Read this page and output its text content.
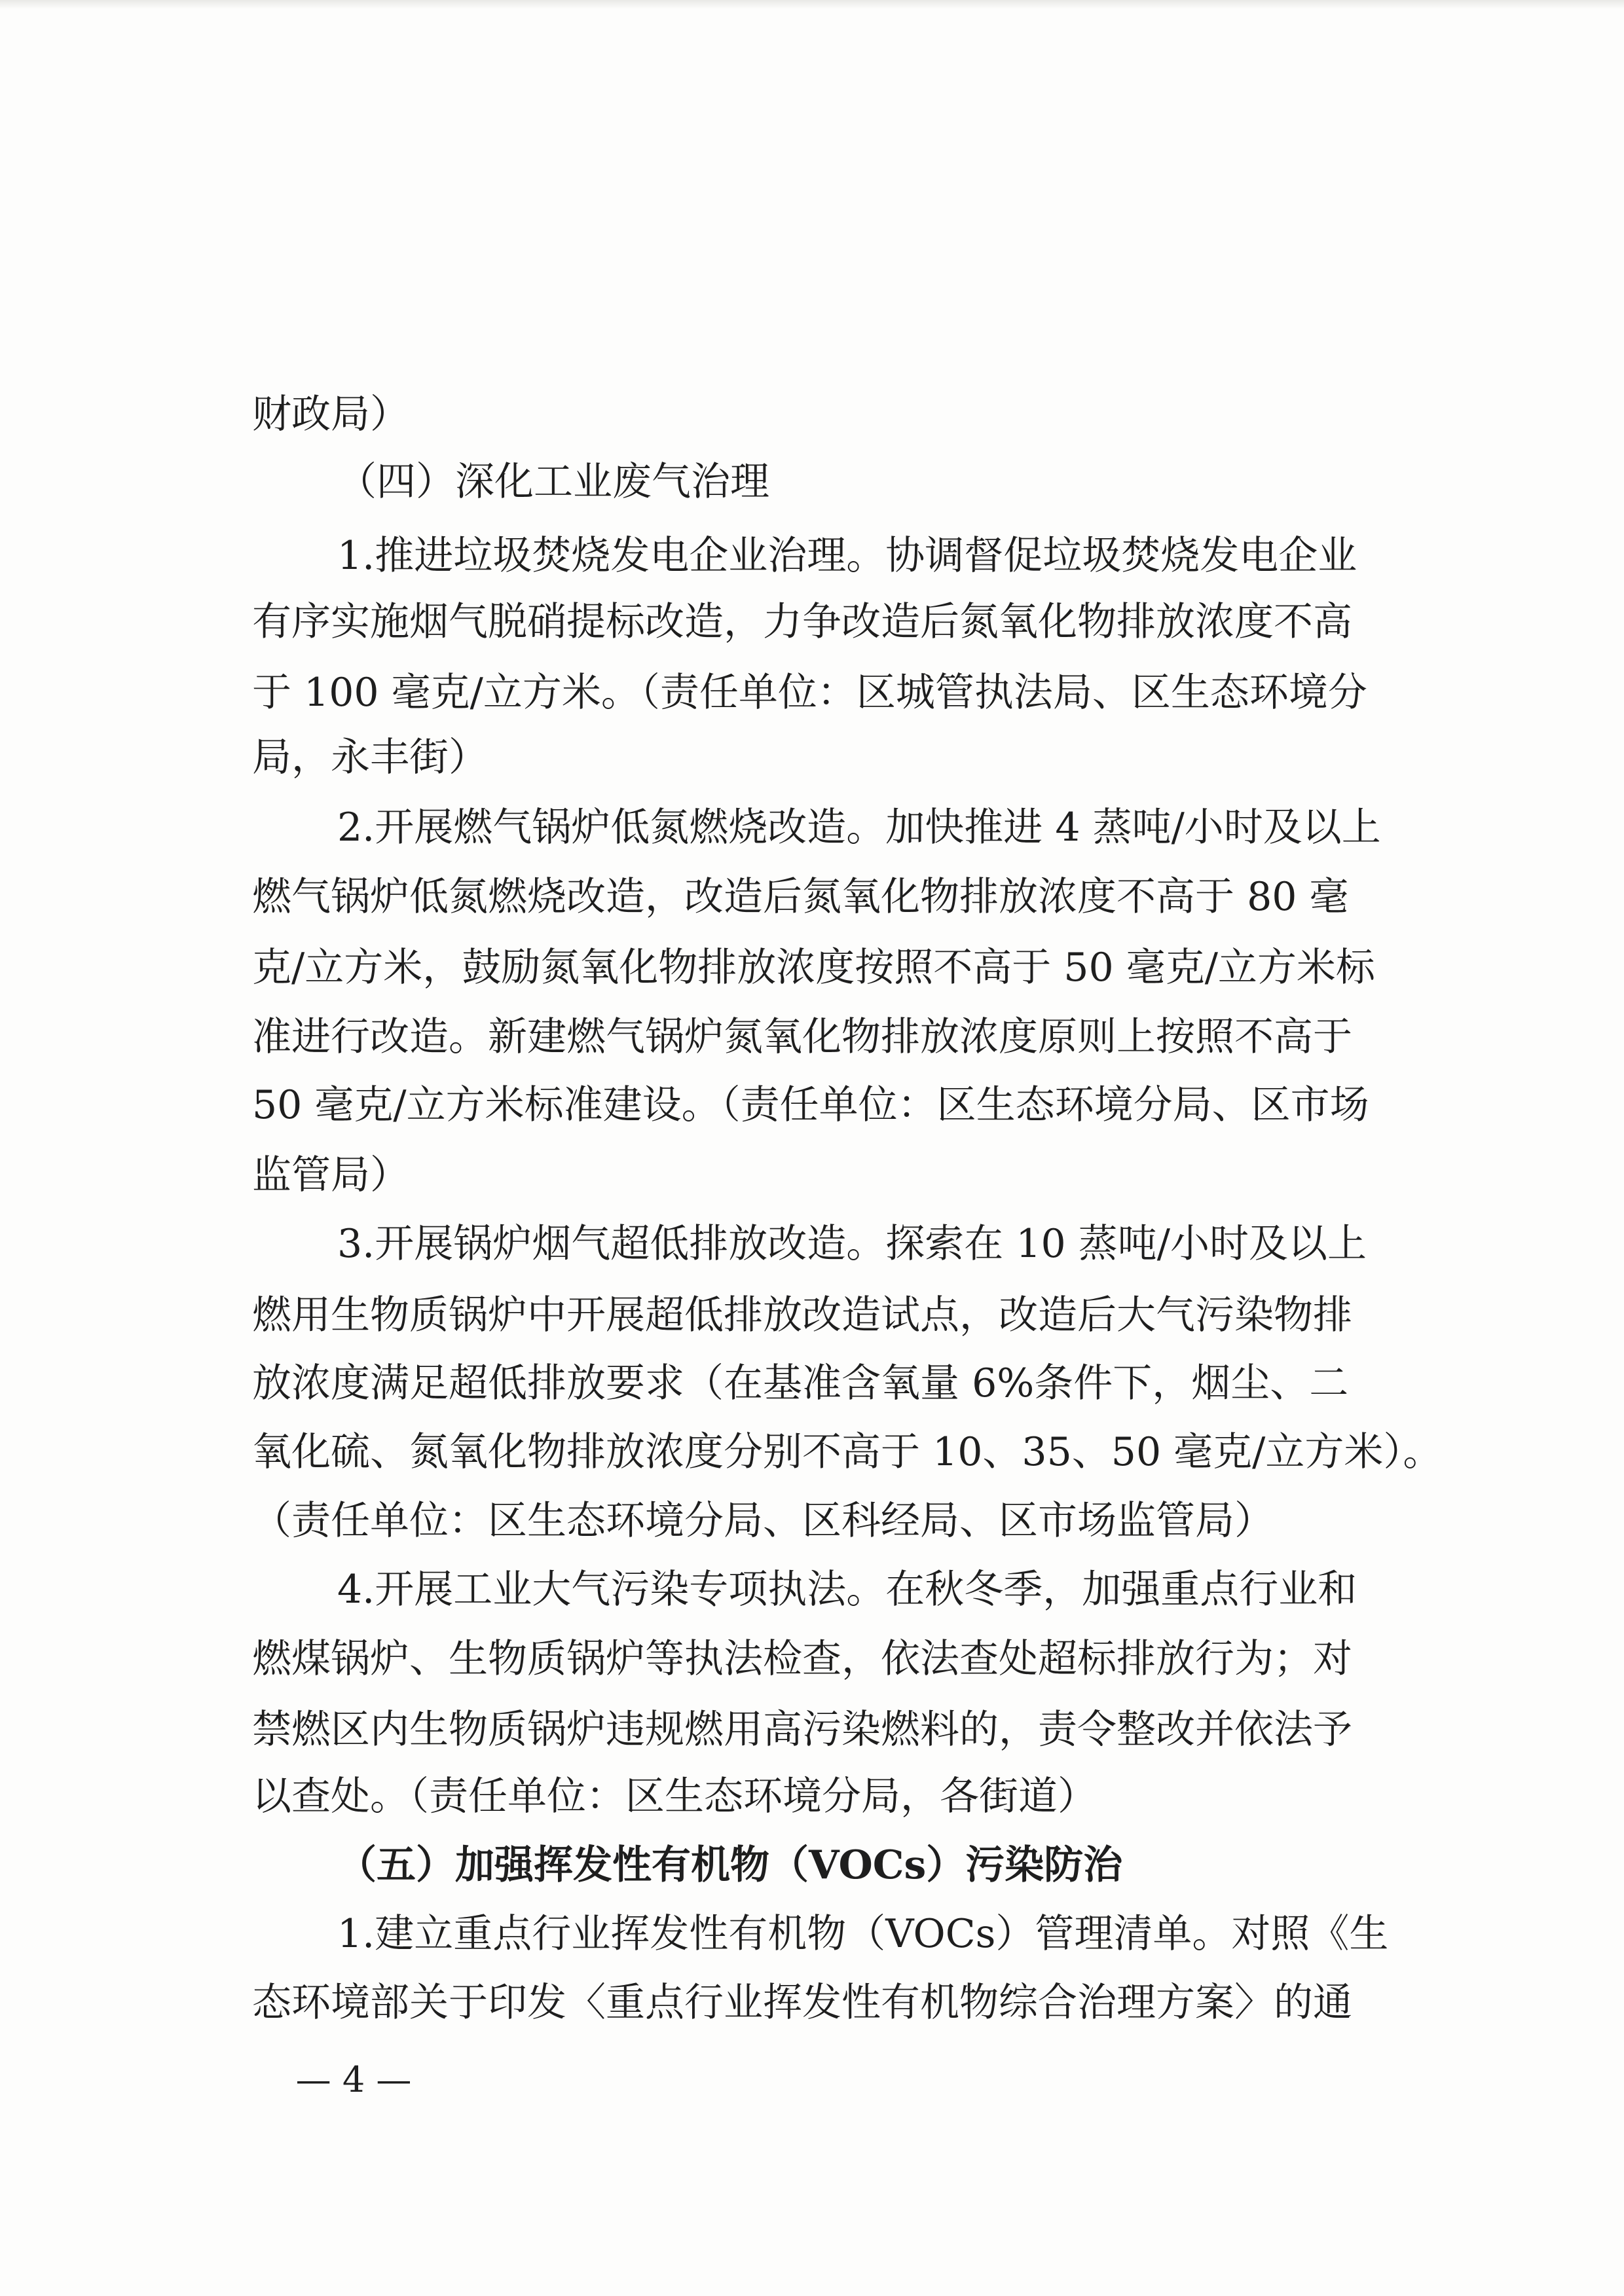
财政局）
（四）深化工业废气治理
1.推进垃圾焚烧发电企业治理。协调督促垃圾焚烧发电企业
有序实施烟气脱硝提标改造，力争改造后氮氧化物排放浓度不高
于 100 毫克/立方米。（责任单位：区城管执法局、区生态环境分
局，永丰街）
2.开展燃气锅炉低氮燃烧改造。加快推进 4 蒸吨/小时及以上
燃气锅炉低氮燃烧改造，改造后氮氧化物排放浓度不高于 80 毫
克/立方米，鼓励氮氧化物排放浓度按照不高于 50 毫克/立方米标
准进行改造。新建燃气锅炉氮氧化物排放浓度原则上按照不高于
50 毫克/立方米标准建设。（责任单位：区生态环境分局、区市场
监管局）
3.开展锅炉烟气超低排放改造。探索在 10 蒸吨/小时及以上
燃用生物质锅炉中开展超低排放改造试点，改造后大气污染物排
放浓度满足超低排放要求（在基准含氧量 6%条件下，烟尘、二
氧化硫、氮氧化物排放浓度分别不高于 10、35、50 毫克/立方米）。
（责任单位：区生态环境分局、区科经局、区市场监管局）
4.开展工业大气污染专项执法。在秋冬季，加强重点行业和
燃煤锅炉、生物质锅炉等执法检查，依法查处超标排放行为；对
禁燃区内生物质锅炉违规燃用高污染燃料的，责令整改并依法予
以查处。（责任单位：区生态环境分局，各街道）
（五）加强挥发性有机物（VOCs）污染防治
1.建立重点行业挥发性有机物（VOCs）管理清单。对照《生
态环境部关于印发〈重点行业挥发性有机物综合治理方案〉的通
— 4 —
